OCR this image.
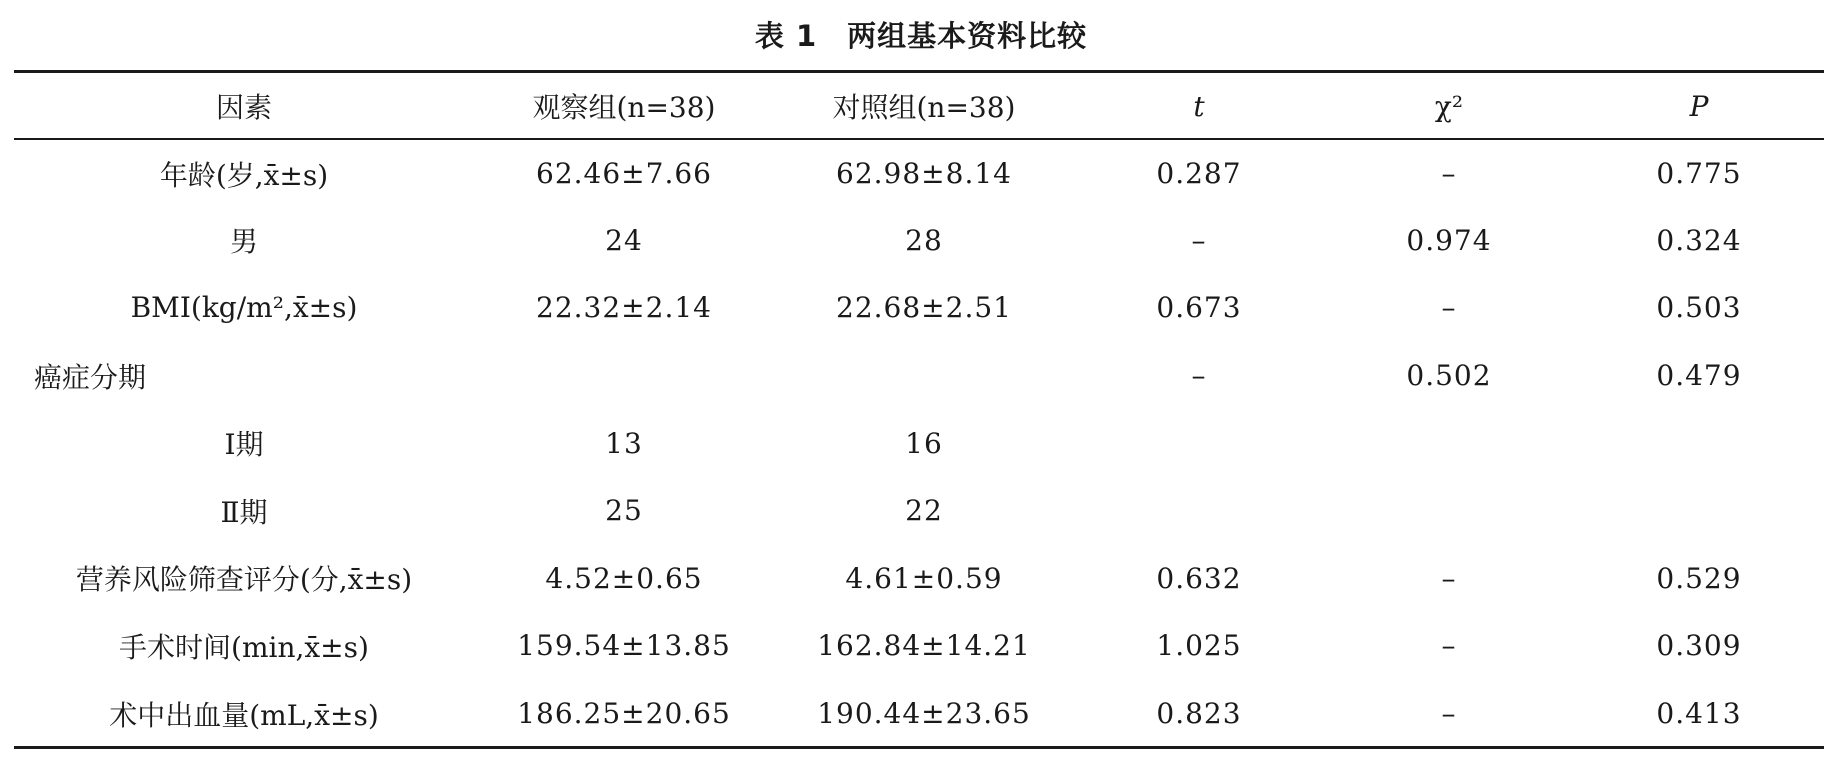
表 1　两组基本资料比较
因素	观察组(n=38)	对照组(n=38)	t	χ²	P
年龄(岁,x̄±s)	62.46±7.66	62.98±8.14	0.287	–	0.775
男	24	28	–	0.974	0.324
BMI(kg/m²,x̄±s)	22.32±2.14	22.68±2.51	0.673	–	0.503
癌症分期			–	0.502	0.479
Ⅰ期	13	16			
Ⅱ期	25	22			
营养风险筛查评分(分,x̄±s)	4.52±0.65	4.61±0.59	0.632	–	0.529
手术时间(min,x̄±s)	159.54±13.85	162.84±14.21	1.025	–	0.309
术中出血量(mL,x̄±s)	186.25±20.65	190.44±23.65	0.823	–	0.413
